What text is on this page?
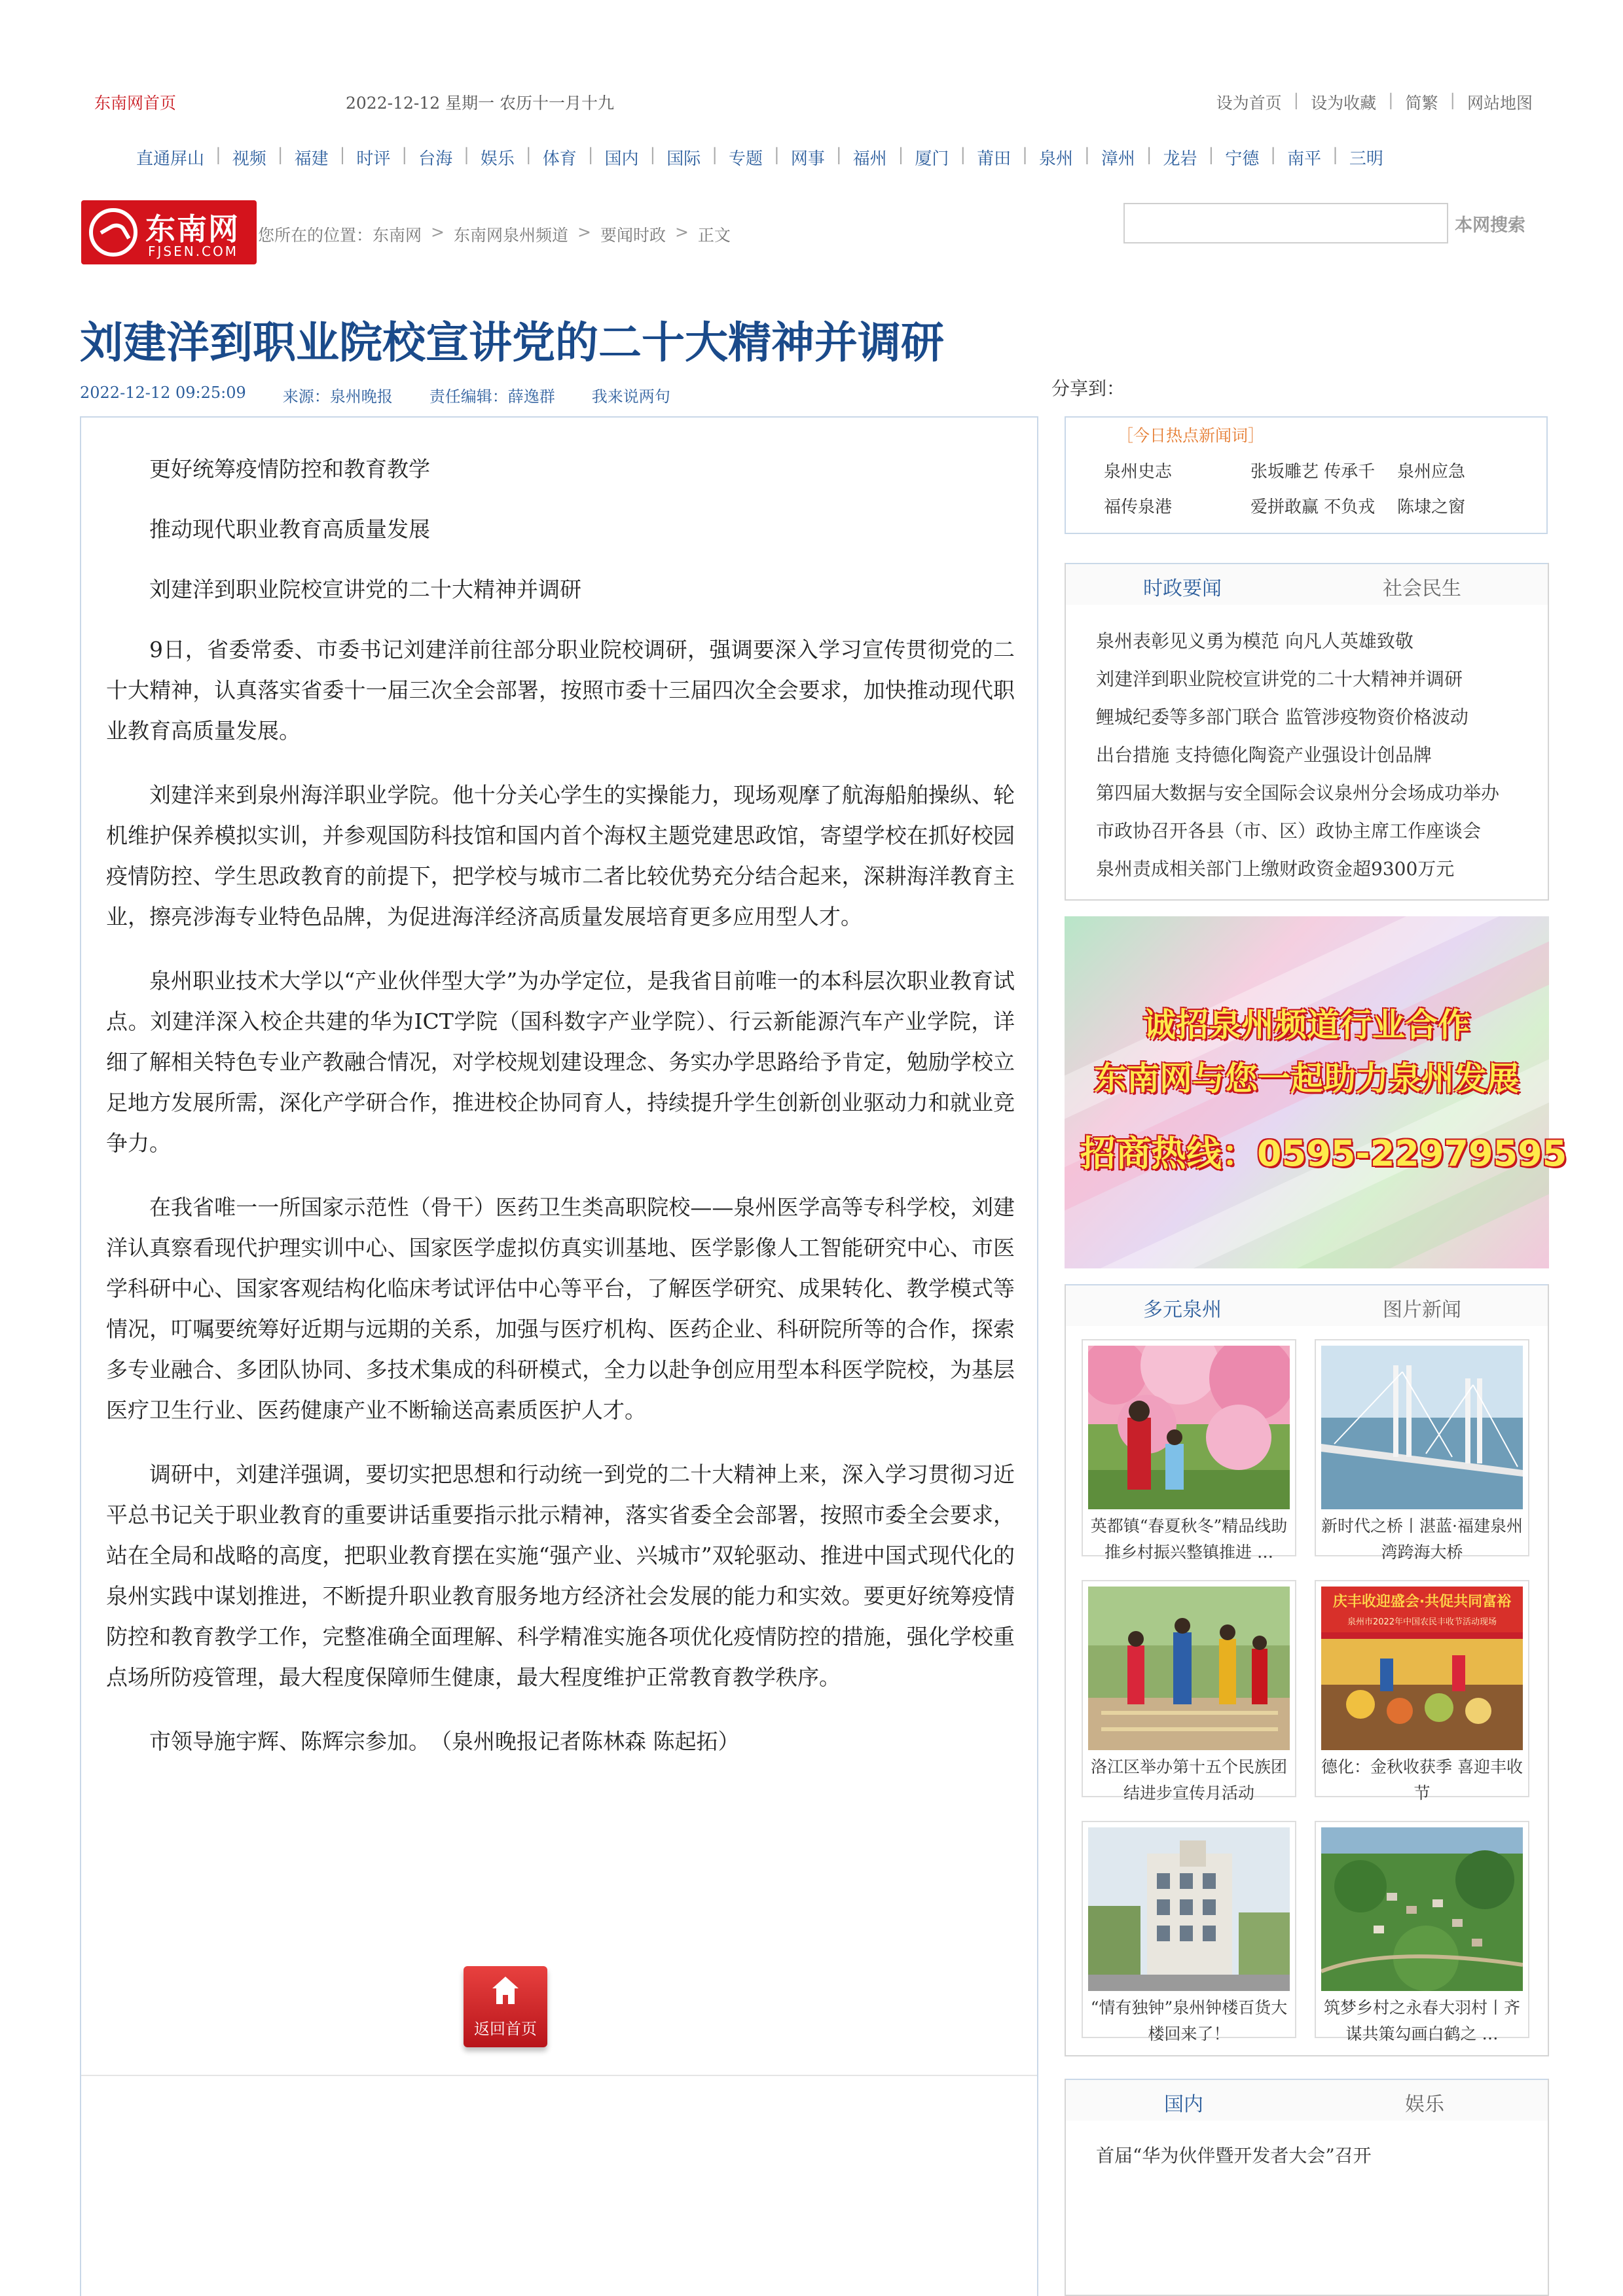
东南网首页	2022-12-12 星期一 农历十一月十九	设为首页 | 设为收藏 | 简繁 | 网站地图
直通屏山 | 视频 | 福建 | 时评 | 台海 | 娱乐 | 体育 | 国内 | 国际 | 专题 | 网事 | 福州 | 厦门 | 莆田 | 泉州 | 漳州 | 龙岩 | 宁德 | 南平 | 三明
东南网
FJSEN.COM
您所在的位置： 东南网 > 东南网泉州频道 > 要闻时政 > 正文	本网搜索
刘建洋到职业院校宣讲党的二十大精神并调研
2022-12-12 09:25:09 来源：泉州晚报 责任编辑：薛逸群 我来说两句	分享到：

更好统筹疫情防控和教育教学

推动现代职业教育高质量发展

刘建洋到职业院校宣讲党的二十大精神并调研

9日，省委常委、市委书记刘建洋前往部分职业院校调研，强调要深入学习宣传贯彻党的二十大精神，认真落实省委十一届三次全会部署，按照市委十三届四次全会要求，加快推动现代职业教育高质量发展。

刘建洋来到泉州海洋职业学院。他十分关心学生的实操能力，现场观摩了航海船舶操纵、轮机维护保养模拟实训，并参观国防科技馆和国内首个海权主题党建思政馆，寄望学校在抓好校园疫情防控、学生思政教育的前提下，把学校与城市二者比较优势充分结合起来，深耕海洋教育主业，擦亮涉海专业特色品牌，为促进海洋经济高质量发展培育更多应用型人才。

泉州职业技术大学以“产业伙伴型大学”为办学定位，是我省目前唯一的本科层次职业教育试点。刘建洋深入校企共建的华为ICT学院（国科数字产业学院）、行云新能源汽车产业学院，详细了解相关特色专业产教融合情况，对学校规划建设理念、务实办学思路给予肯定，勉励学校立足地方发展所需，深化产学研合作，推进校企协同育人，持续提升学生创新创业驱动力和就业竞争力。

在我省唯一一所国家示范性（骨干）医药卫生类高职院校——泉州医学高等专科学校，刘建洋认真察看现代护理实训中心、国家医学虚拟仿真实训基地、医学影像人工智能研究中心、市医学科研中心、国家客观结构化临床考试评估中心等平台，了解医学研究、成果转化、教学模式等情况，叮嘱要统筹好近期与远期的关系，加强与医疗机构、医药企业、科研院所等的合作，探索多专业融合、多团队协同、多技术集成的科研模式，全力以赴争创应用型本科医学院校，为基层医疗卫生行业、医药健康产业不断输送高素质医护人才。

调研中，刘建洋强调，要切实把思想和行动统一到党的二十大精神上来，深入学习贯彻习近平总书记关于职业教育的重要讲话重要指示批示精神，落实省委全会部署，按照市委全会要求，站在全局和战略的高度，把职业教育摆在实施“强产业、兴城市”双轮驱动、推进中国式现代化的泉州实践中谋划推进，不断提升职业教育服务地方经济社会发展的能力和实效。要更好统筹疫情防控和教育教学工作，完整准确全面理解、科学精准实施各项优化疫情防控的措施，强化学校重点场所防疫管理，最大程度保障师生健康，最大程度维护正常教育教学秩序。

市领导施宇辉、陈辉宗参加。　（泉州晚报记者陈林森 陈起拓）

返回首页
［今日热点新闻词］
泉州史志	张坂雕艺 传承千 泉州应急
福传泉港	爱拼敢赢 不负戎 陈埭之窗
时政要闻	社会民生
泉州表彰见义勇为模范 向凡人英雄致敬
刘建洋到职业院校宣讲党的二十大精神并调研
鲤城纪委等多部门联合 监管涉疫物资价格波动
出台措施 支持德化陶瓷产业强设计创品牌
第四届大数据与安全国际会议泉州分会场成功举办
市政协召开各县（市、区）政协主席工作座谈会
泉州责成相关部门上缴财政资金超9300万元
诚招泉州频道行业合作
东南网与您一起助力泉州发展
招商热线：0595-22979595
多元泉州	图片新闻
英都镇“春夏秋冬”精品线助推乡村振兴整镇推进 …
新时代之桥丨湛蓝·福建泉州湾跨海大桥
洛江区举办第十五个民族团结进步宣传月活动
庆丰收迎盛会·共促共同富裕
泉州市2022年中国农民丰收节活动现场
德化：金秋收获季 喜迎丰收节
“情有独钟”泉州钟楼百货大楼回来了！
筑梦乡村之永春大羽村丨齐谋共策勾画白鹤之 …
国内	娱乐
首届“华为伙伴暨开发者大会”召开
